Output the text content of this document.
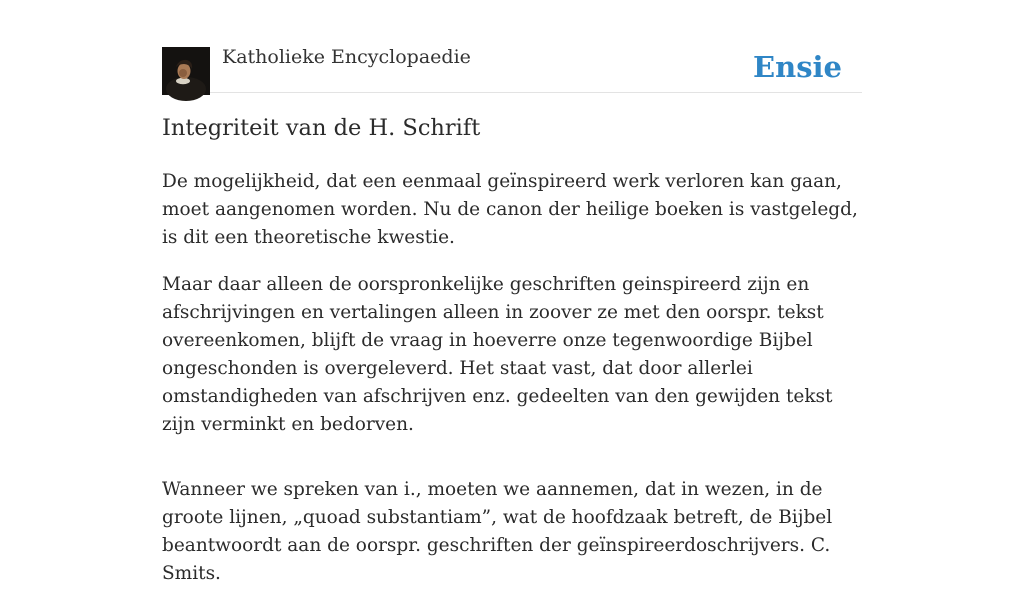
Katholieke Encyclopaedie	Ensie
Integriteit van de H. Schrift

De mogelijkheid, dat een eenmaal geïnspireerd werk verloren kan gaan, moet aangenomen worden. Nu de canon der heilige boeken is vastgelegd, is dit een theoretische kwestie.

Maar daar alleen de oorspronkelijke geschriften geinspireerd zijn en afschrijvingen en vertalingen alleen in zoover ze met den oorspr. tekst overeenkomen, blijft de vraag in hoeverre onze tegenwoordige Bijbel ongeschonden is overgeleverd. Het staat vast, dat door allerlei omstandigheden van afschrijven enz. gedeelten van den gewijden tekst zijn verminkt en bedorven.

Wanneer we spreken van i., moeten we aannemen, dat in wezen, in de groote lijnen, „quoad substantiam”, wat de hoofdzaak betreft, de Bijbel beantwoordt aan de oorspr. geschriften der geïnspireerdoschrijvers. C. Smits.
